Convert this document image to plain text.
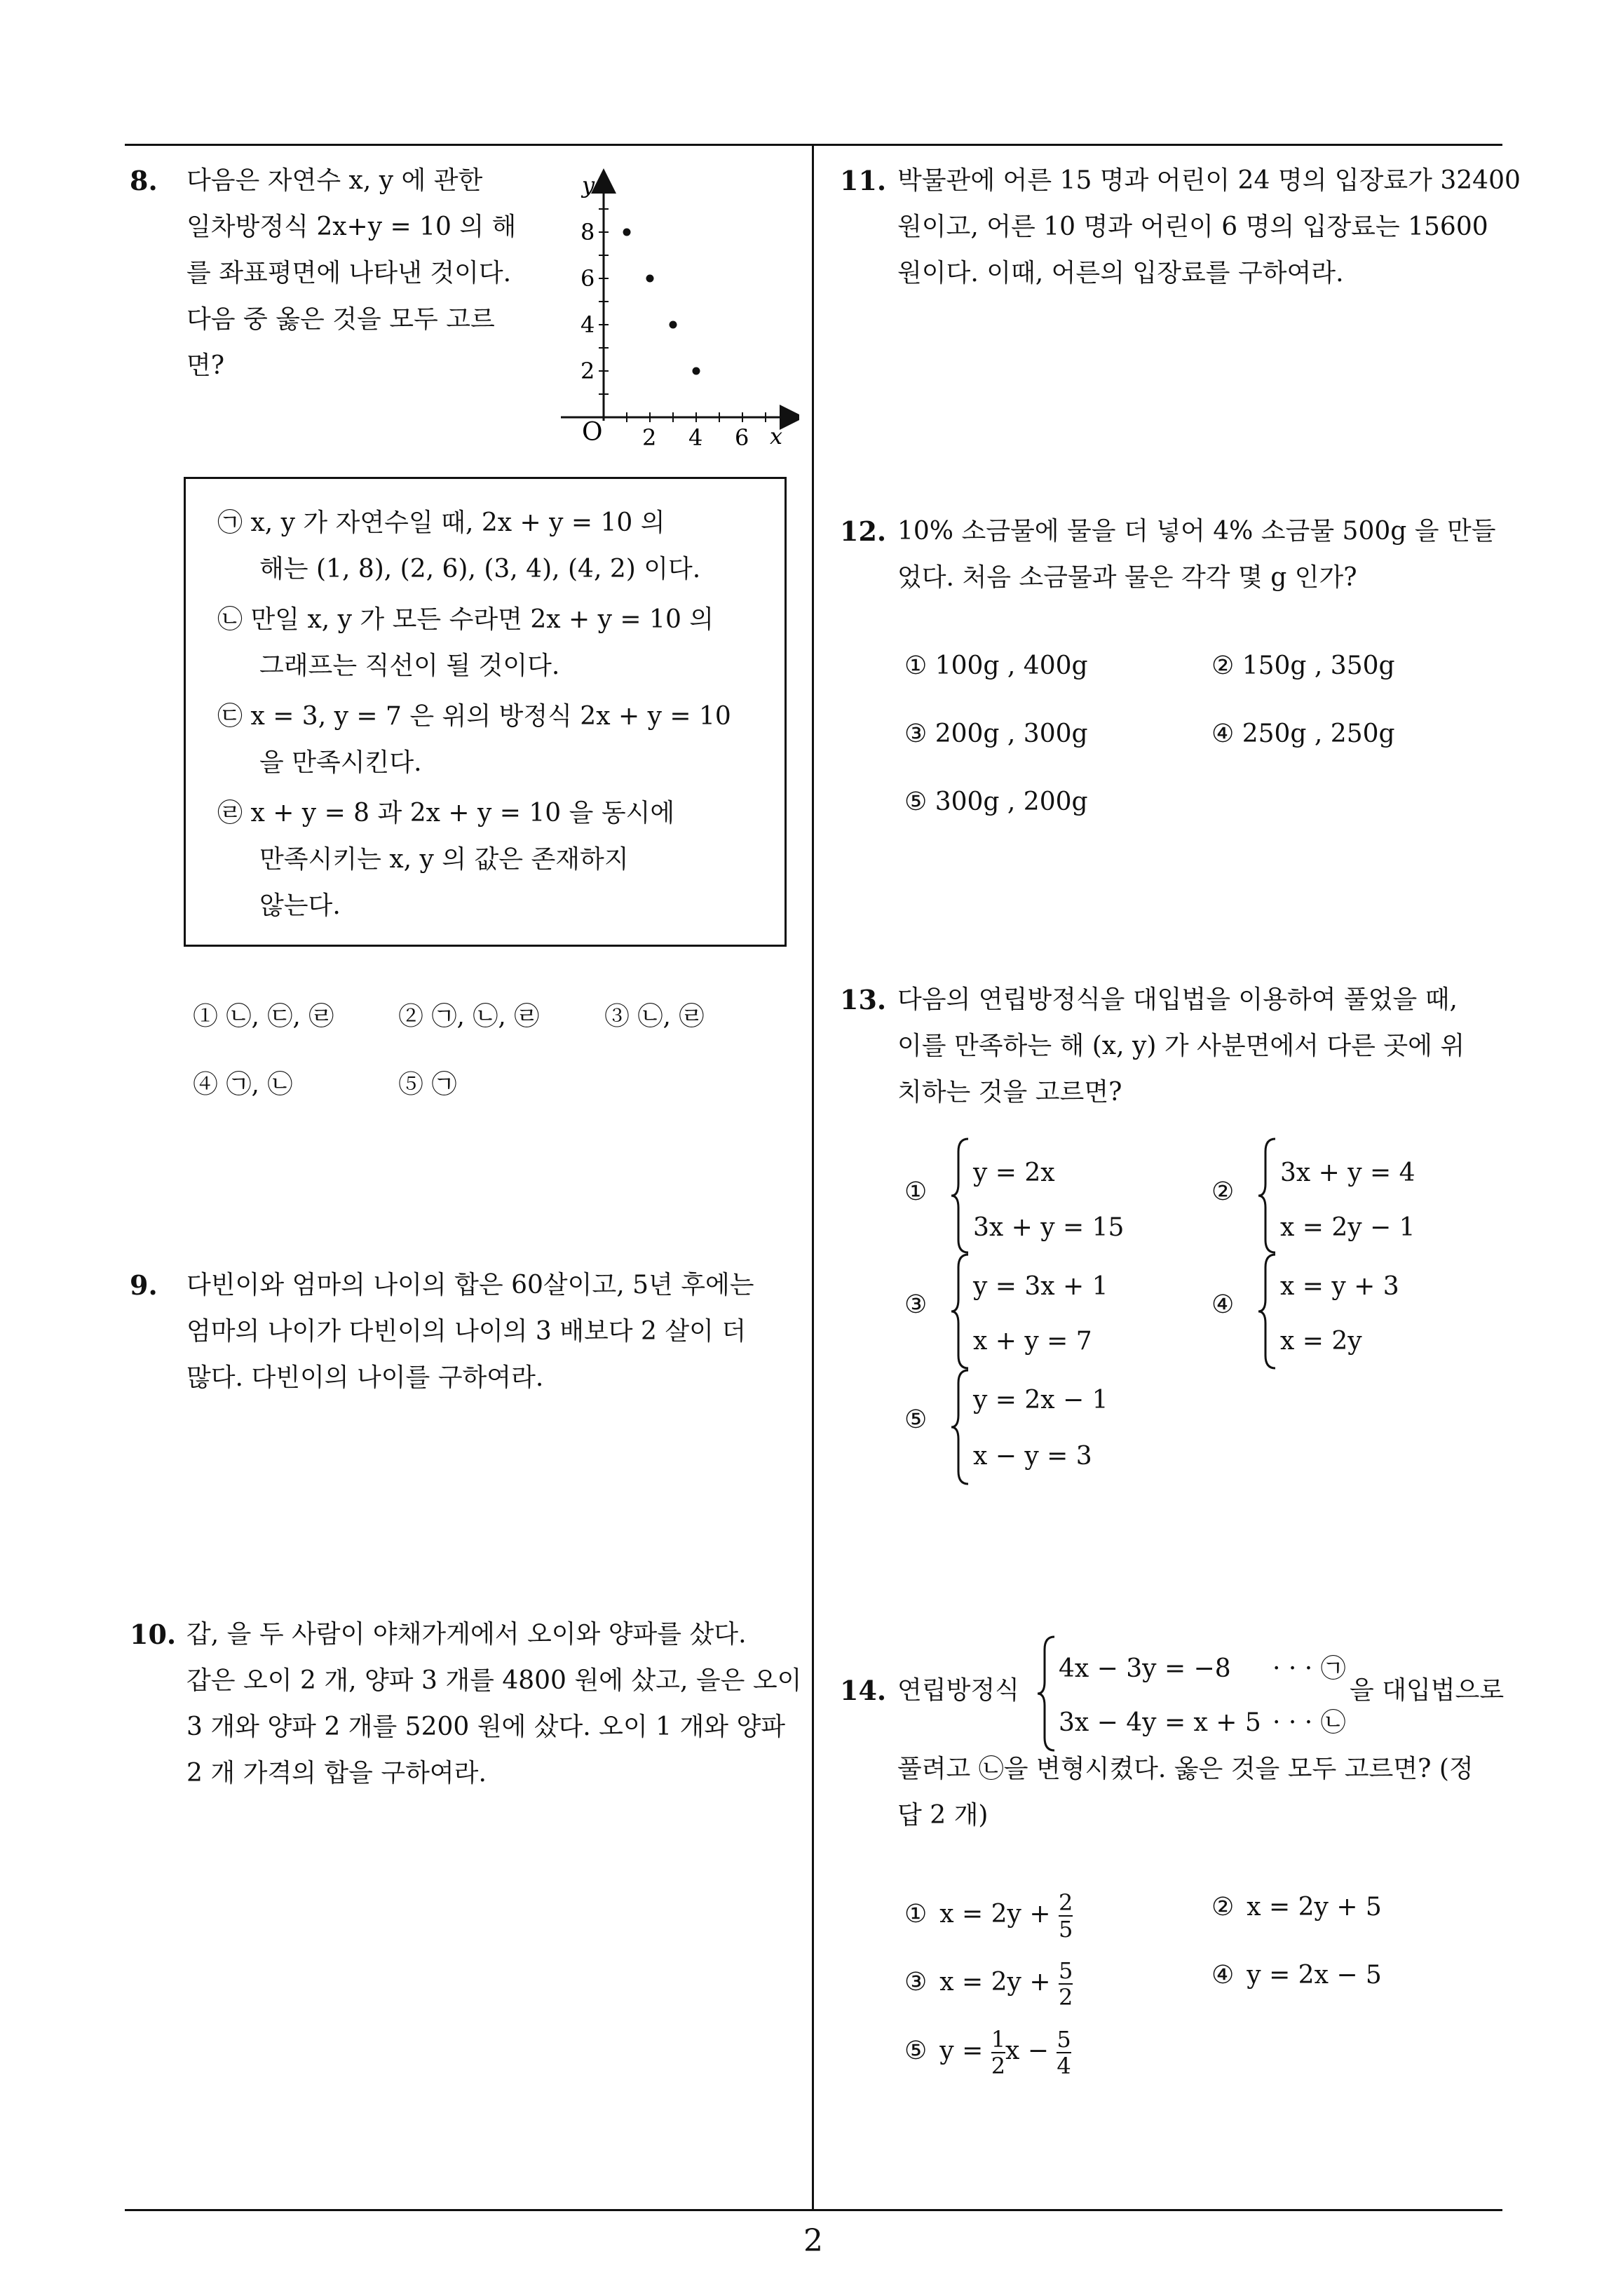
8. 다음은 자연수 x, y 에 관한
일차방정식 2x+y = 10 의 해
를 좌표평면에 나타낸 것이다.
다음 중 옳은 것을 모두 고르
면?
y
x
O
8
6
4
2
2 4 6
㉠ x, y 가 자연수일 때, 2x + y = 10 의
해는 (1, 8), (2, 6), (3, 4), (4, 2) 이다.
㉡ 만일 x, y 가 모든 수라면 2x + y = 10 의
그래프는 직선이 될 것이다.
㉢ x = 3, y = 7 은 위의 방정식 2x + y = 10
을 만족시킨다.
㉣ x + y = 8 과 2x + y = 10 을 동시에
만족시키는 x, y 의 값은 존재하지
않는다.
① ㉡, ㉢, ㉣	② ㉠, ㉡, ㉣	③ ㉡, ㉣
④ ㉠, ㉡	⑤ ㉠
9. 다빈이와 엄마의 나이의 합은 60살이고, 5년 후에는
엄마의 나이가 다빈이의 나이의 3 배보다 2 살이 더
많다. 다빈이의 나이를 구하여라.
10. 갑, 을 두 사람이 야채가게에서 오이와 양파를 샀다.
갑은 오이 2 개, 양파 3 개를 4800 원에 샀고, 을은 오이
3 개와 양파 2 개를 5200 원에 샀다. 오이 1 개와 양파
2 개 가격의 합을 구하여라.
11. 박물관에 어른 15 명과 어린이 24 명의 입장료가 32400
원이고, 어른 10 명과 어린이 6 명의 입장료는 15600
원이다. 이때, 어른의 입장료를 구하여라.
12. 10% 소금물에 물을 더 넣어 4% 소금물 500g 을 만들
었다. 처음 소금물과 물은 각각 몇 g 인가?
① 100g , 400g	② 150g , 350g
③ 200g , 300g	④ 250g , 250g
⑤ 300g , 200g
13. 다음의 연립방정식을 대입법을 이용하여 풀었을 때,
이를 만족하는 해 (x, y) 가 사분면에서 다른 곳에 위
치하는 것을 고르면?
①
y = 2x
3x + y = 15
②
3x + y = 4
x = 2y − 1
③
y = 3x + 1
x + y = 7
④
x = y + 3
x = 2y
⑤
y = 2x − 1
x − y = 3
14. 연립방정식
4x − 3y = −8 · · · ㉠
3x − 4y = x + 5 · · · ㉡
을 대입법으로
풀려고 ㉡을 변형시켰다. 옳은 것을 모두 고르면? (정
답 2 개)
① $x = 2y + \frac{2}{5}$	② x = 2y + 5
③ $x = 2y + \frac{5}{2}$	④ y = 2x − 5
⑤ $y = \frac{1}{2}$ $x - \frac{5}{4}$
2
